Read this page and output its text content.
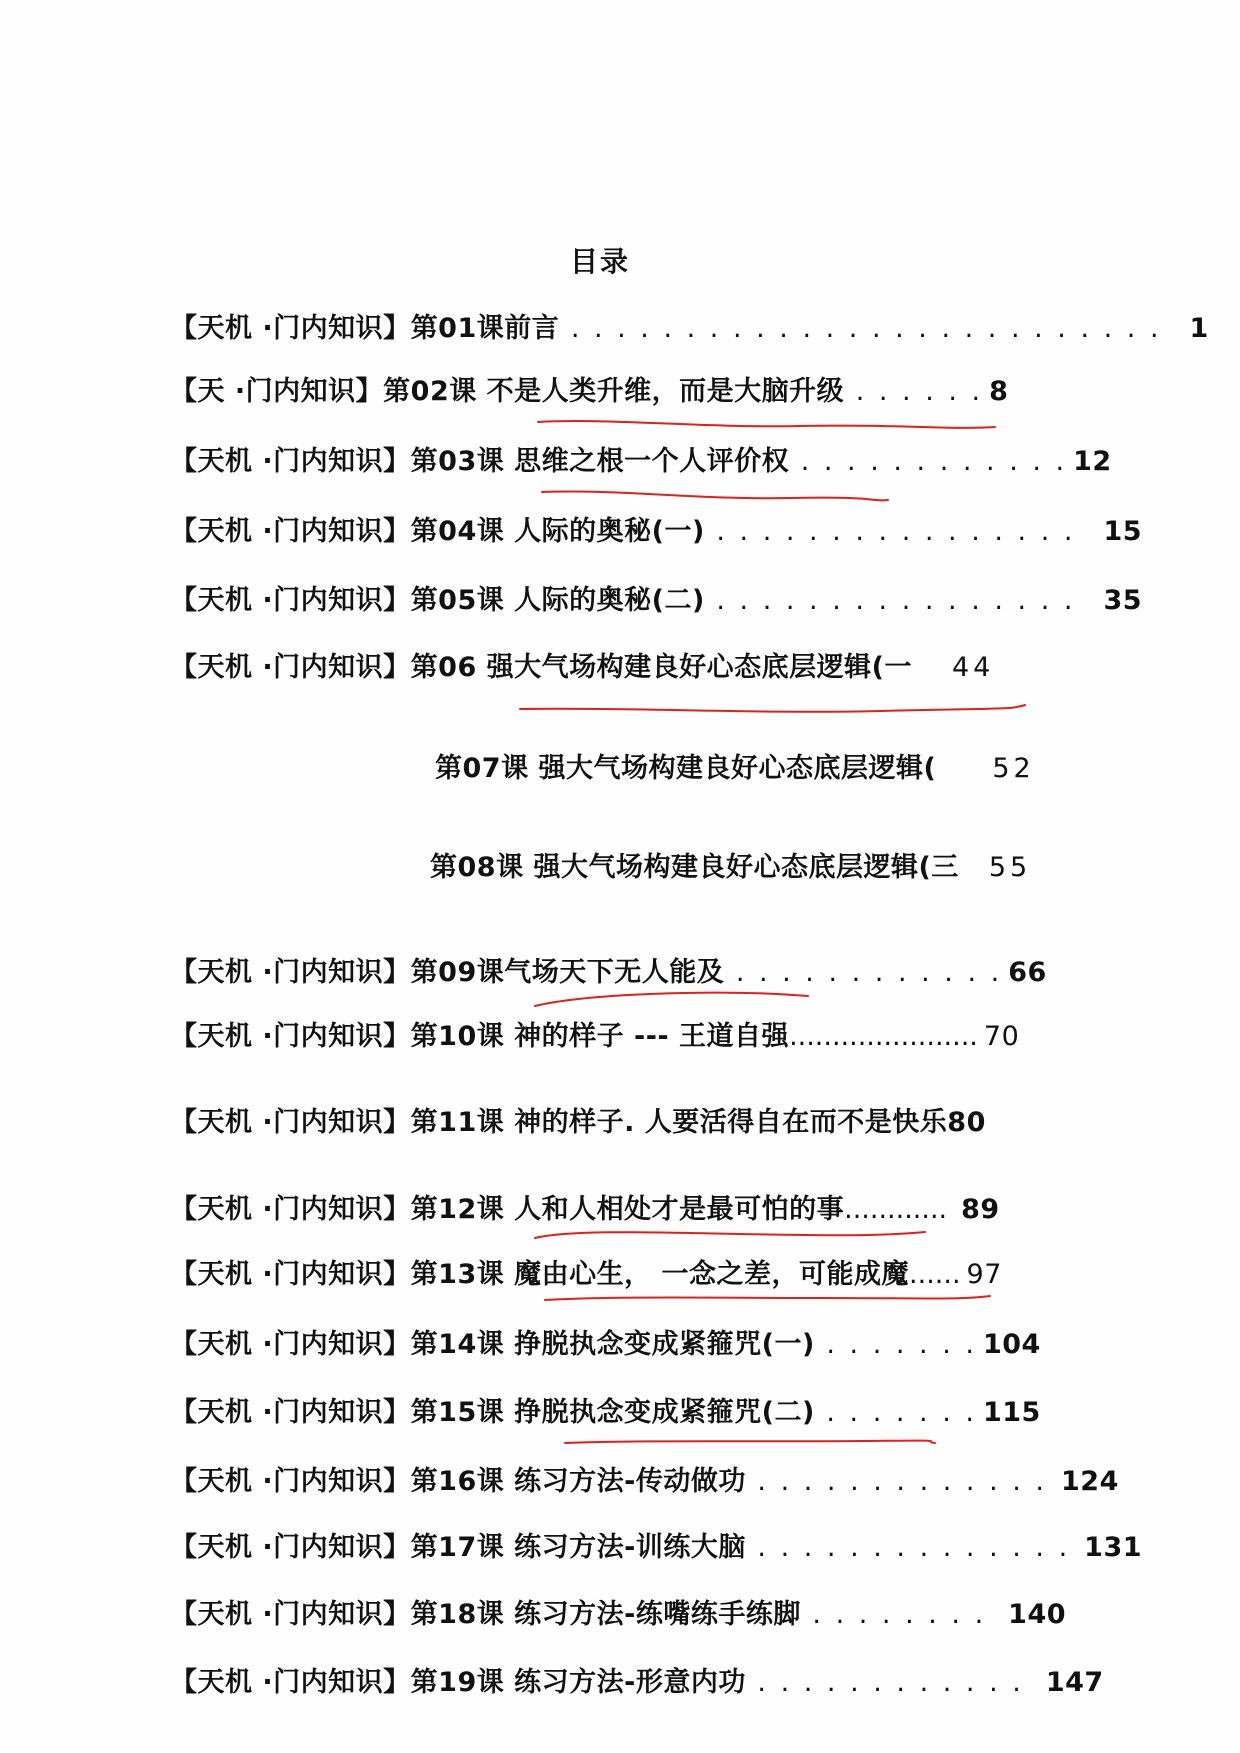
目录
【天机 ·门内知识】第01课前言 . . . . . . . . . . . . . . . . . . . . . . . . . . 1
【天 ·门内知识】第02课 不是人类升维，而是大脑升级 . . . . . . 8
【天机 ·门内知识】第03课 思维之根一个人评价权 . . . . . . . . . . . . 12
【天机 ·门内知识】第04课 人际的奥秘(一) . . . . . . . . . . . . . . . . 15
【天机 ·门内知识】第05课 人际的奥秘(二) . . . . . . . . . . . . . . . . 35
【天机 ·门内知识】第06 强大气场构建良好心态底层逻辑(一 44
第07课 强大气场构建良好心态底层逻辑( 52
第08课 强大气场构建良好心态底层逻辑(三 55
【天机 ·门内知识】第09课气场天下无人能及 . . . . . . . . . . . . 66
【天机 ·门内知识】第10课 神的样子 --- 王道自强...................... 70
【天机 ·门内知识】第11课 神的样子. 人要活得自在而不是快乐80
【天机 ·门内知识】第12课 人和人相处才是最可怕的事............ 89
【天机 ·门内知识】第13课 魔由心生， 一念之差，可能成魔...... 97
【天机 ·门内知识】第14课 挣脱执念变成紧箍咒(一) . . . . . . . 104
【天机 ·门内知识】第15课 挣脱执念变成紧箍咒(二) . . . . . . . 115
【天机 ·门内知识】第16课 练习方法-传动做功 . . . . . . . . . . . . . 124
【天机 ·门内知识】第17课 练习方法-训练大脑 . . . . . . . . . . . . . . 131
【天机 ·门内知识】第18课 练习方法-练嘴练手练脚 . . . . . . . . 140
【天机 ·门内知识】第19课 练习方法-形意内功 . . . . . . . . . . . . 147
